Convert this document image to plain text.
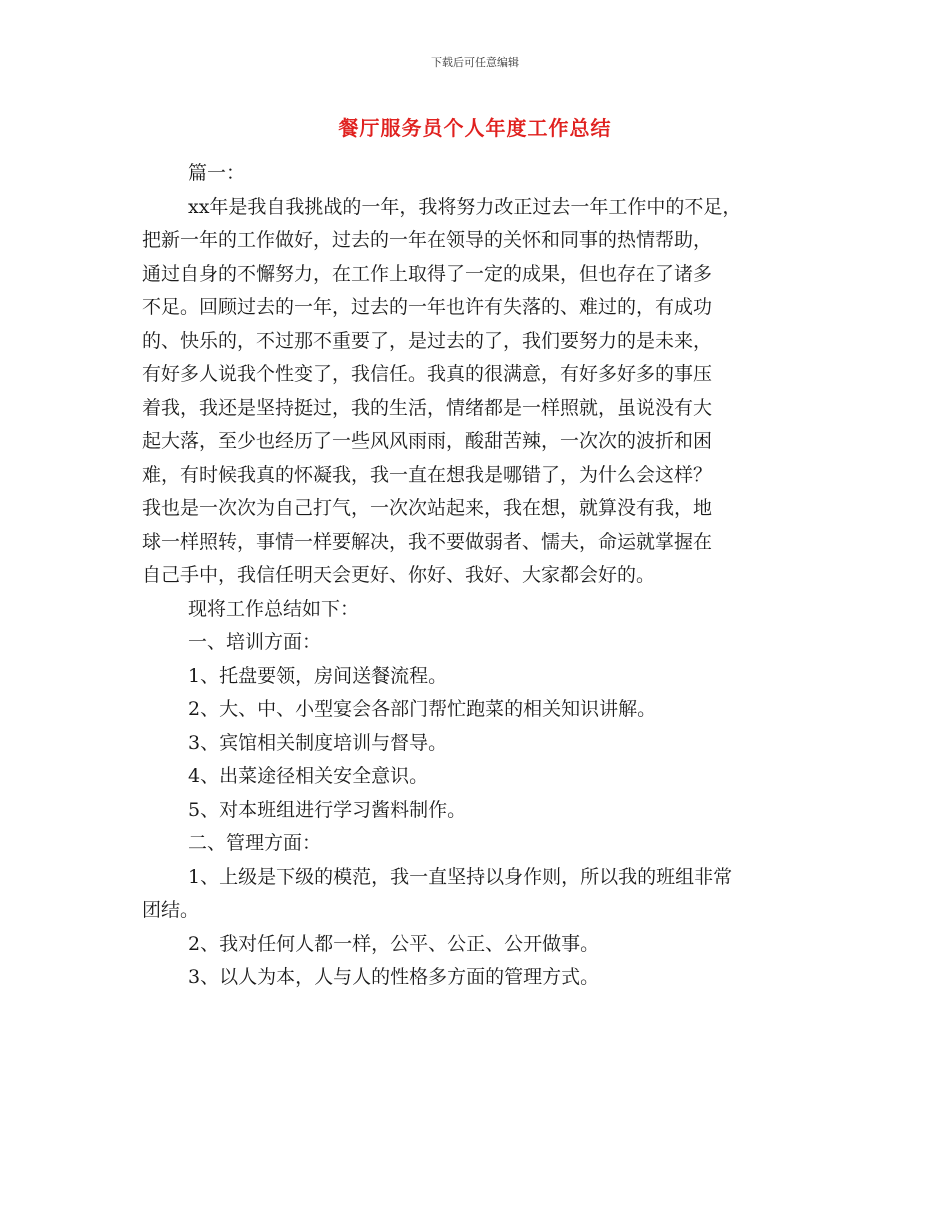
下载后可任意编辑
餐厅服务员个人年度工作总结
篇一：
xx年是我自我挑战的一年，我将努力改正过去一年工作中的不足，
把新一年的工作做好，过去的一年在领导的关怀和同事的热情帮助，
通过自身的不懈努力，在工作上取得了一定的成果，但也存在了诸多
不足。回顾过去的一年，过去的一年也许有失落的、难过的，有成功
的、快乐的，不过那不重要了，是过去的了，我们要努力的是未来，
有好多人说我个性变了，我信任。我真的很满意，有好多好多的事压
着我，我还是坚持挺过，我的生活，情绪都是一样照就，虽说没有大
起大落，至少也经历了一些风风雨雨，酸甜苦辣，一次次的波折和困
难，有时候我真的怀凝我，我一直在想我是哪错了，为什么会这样？
我也是一次次为自己打气，一次次站起来，我在想，就算没有我，地
球一样照转，事情一样要解决，我不要做弱者、懦夫，命运就掌握在
自己手中，我信任明天会更好、你好、我好、大家都会好的。
现将工作总结如下：
一、培训方面：
1、托盘要领，房间送餐流程。
2、大、中、小型宴会各部门帮忙跑菜的相关知识讲解。
3、宾馆相关制度培训与督导。
4、出菜途径相关安全意识。
5、对本班组进行学习酱料制作。
二、管理方面：
1、上级是下级的模范，我一直坚持以身作则，所以我的班组非常
团结。
2、我对任何人都一样，公平、公正、公开做事。
3、以人为本，人与人的性格多方面的管理方式。
